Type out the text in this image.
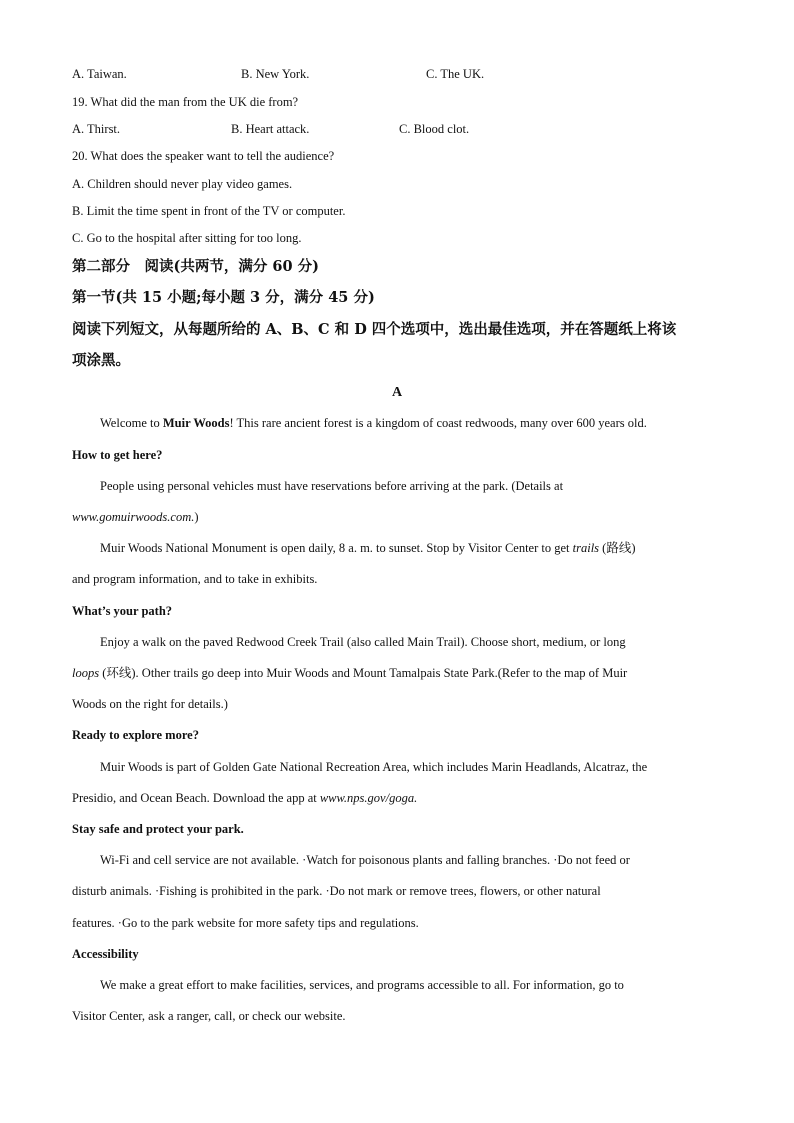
A. Taiwan.	B. New York.	C. The UK.
19. What did the man from the UK die from?
A. Thirst.	B. Heart attack.	C. Blood clot.
20. What does the speaker want to tell the audience?
A. Children should never play video games.
B. Limit the time spent in front of the TV or computer.
C. Go to the hospital after sitting for too long.
第二部分　阅读(共两节，满分 60 分)
第一节(共 15 小题;每小题 3 分，满分 45 分)
阅读下列短文，从每题所给的 A、B、C 和 D 四个选项中，选出最佳选项，并在答题纸上将该
项涂黑。
A
Welcome to Muir Woods! This rare ancient forest is a kingdom of coast redwoods, many over 600 years old.
How to get here?
People using personal vehicles must have reservations before arriving at the park. (Details at
www.gomuirwoods.com.)
Muir Woods National Monument is open daily, 8 a. m. to sunset. Stop by Visitor Center to get trails (路线)
and program information, and to take in exhibits.
What’s your path?
Enjoy a walk on the paved Redwood Creek Trail (also called Main Trail). Choose short, medium, or long
loops (环线). Other trails go deep into Muir Woods and Mount Tamalpais State Park.(Refer to the map of Muir
Woods on the right for details.)
Ready to explore more?
Muir Woods is part of Golden Gate National Recreation Area, which includes Marin Headlands, Alcatraz, the
Presidio, and Ocean Beach. Download the app at www.nps.gov/goga.
Stay safe and protect your park.
Wi-Fi and cell service are not available. ·Watch for poisonous plants and falling branches. ·Do not feed or
disturb animals. ·Fishing is prohibited in the park. ·Do not mark or remove trees, flowers, or other natural
features. ·Go to the park website for more safety tips and regulations.
Accessibility
We make a great effort to make facilities, services, and programs accessible to all. For information, go to
Visitor Center, ask a ranger, call, or check our website.
